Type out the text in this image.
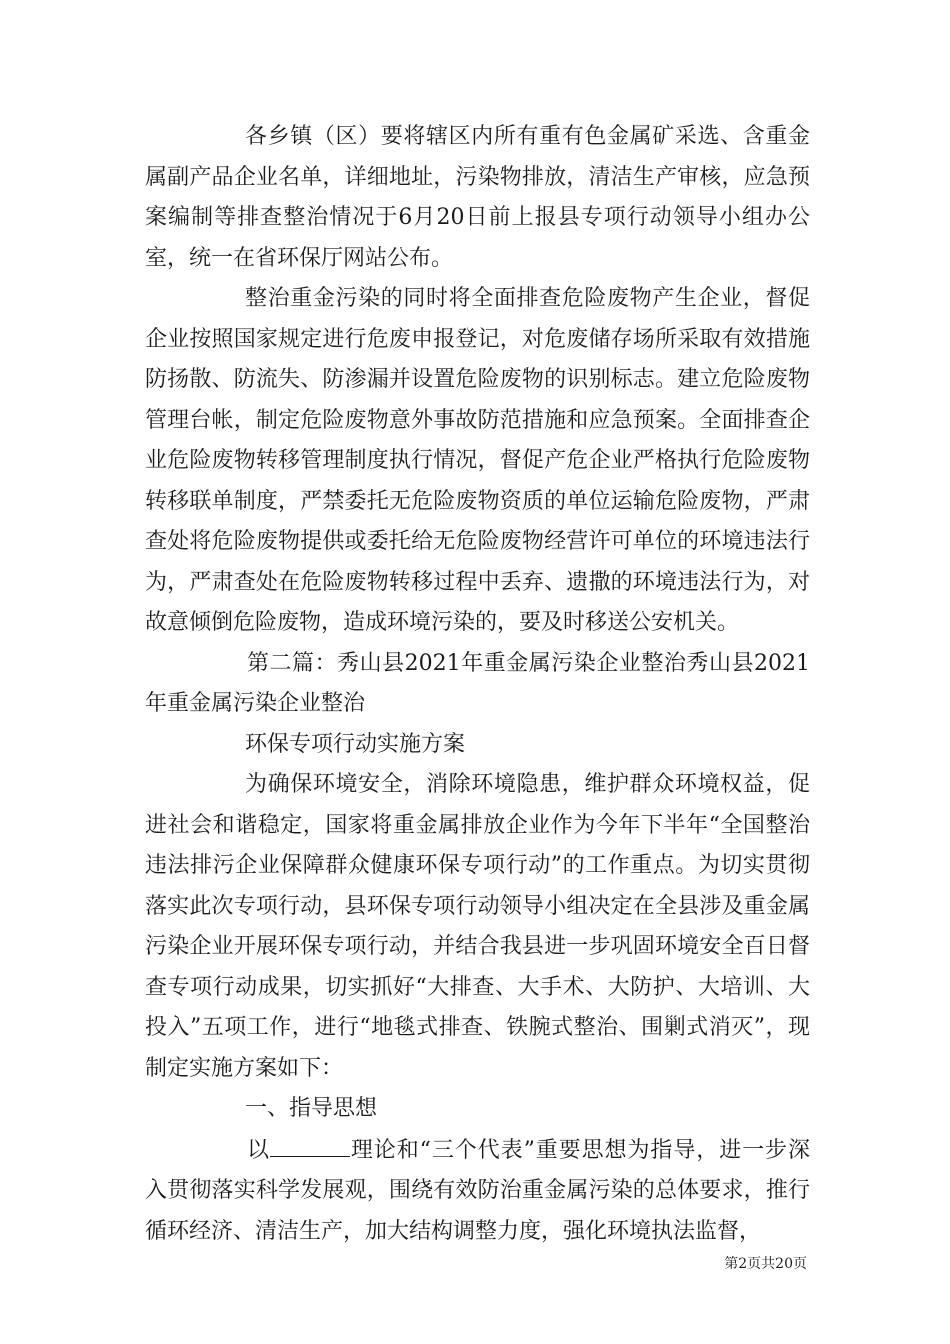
各乡镇（区）要将辖区内所有重有色金属矿采选、含重金属副产品企业名单，详细地址，污染物排放，清洁生产审核，应急预案编制等排查整治情况于6月20日前上报县专项行动领导小组办公室，统一在省环保厅网站公布。

整治重金污染的同时将全面排查危险废物产生企业，督促企业按照国家规定进行危废申报登记，对危废储存场所采取有效措施防扬散、防流失、防渗漏并设置危险废物的识别标志。建立危险废物管理台帐，制定危险废物意外事故防范措施和应急预案。全面排查企业危险废物转移管理制度执行情况，督促产危企业严格执行危险废物转移联单制度，严禁委托无危险废物资质的单位运输危险废物，严肃查处将危险废物提供或委托给无危险废物经营许可单位的环境违法行为，严肃查处在危险废物转移过程中丢弃、遗撒的环境违法行为，对故意倾倒危险废物，造成环境污染的，要及时移送公安机关。

第二篇：秀山县2021年重金属污染企业整治秀山县2021年重金属污染企业整治

环保专项行动实施方案

为确保环境安全，消除环境隐患，维护群众环境权益，促进社会和谐稳定，国家将重金属排放企业作为今年下半年“全国整治违法排污企业保障群众健康环保专项行动”的工作重点。为切实贯彻落实此次专项行动，县环保专项行动领导小组决定在全县涉及重金属污染企业开展环保专项行动，并结合我县进一步巩固环境安全百日督查专项行动成果，切实抓好“大排查、大手术、大防护、大培训、大投入”五项工作，进行“地毯式排查、铁腕式整治、围剿式消灭”，现制定实施方案如下：

一、指导思想

以	理论和“三个代表”重要思想为指导，进一步深入贯彻落实科学发展观，围绕有效防治重金属污染的总体要求，推行循环经济、清洁生产，加大结构调整力度，强化环境执法监督，

第2页共20页
